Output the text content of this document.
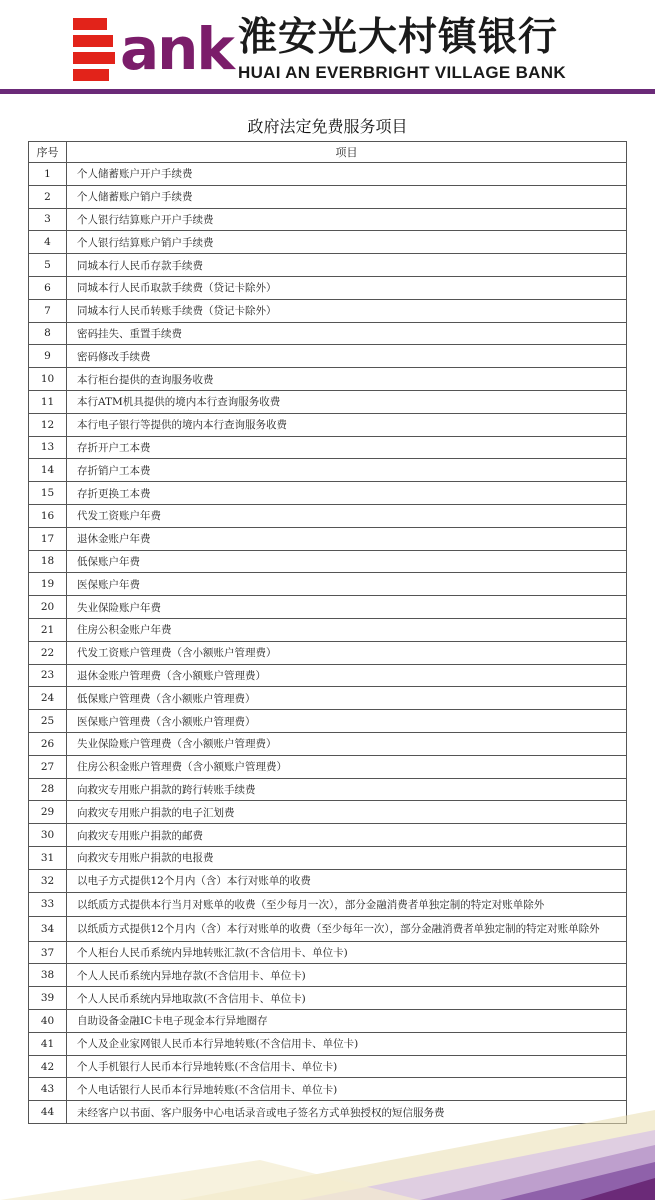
ank 淮安光大村镇银行
HUAI AN EVERBRIGHT VILLAGE BANK
政府法定免费服务项目
序号	项目
1	个人储蓄账户开户手续费
2	个人储蓄账户销户手续费
3	个人银行结算账户开户手续费
4	个人银行结算账户销户手续费
5	同城本行人民币存款手续费
6	同城本行人民币取款手续费（贷记卡除外）
7	同城本行人民币转账手续费（贷记卡除外）
8	密码挂失、重置手续费
9	密码修改手续费
10	本行柜台提供的查询服务收费
11	本行ATM机具提供的境内本行查询服务收费
12	本行电子银行等提供的境内本行查询服务收费
13	存折开户工本费
14	存折销户工本费
15	存折更换工本费
16	代发工资账户年费
17	退休金账户年费
18	低保账户年费
19	医保账户年费
20	失业保险账户年费
21	住房公积金账户年费
22	代发工资账户管理费（含小额账户管理费）
23	退休金账户管理费（含小额账户管理费）
24	低保账户管理费（含小额账户管理费）
25	医保账户管理费（含小额账户管理费）
26	失业保险账户管理费（含小额账户管理费）
27	住房公积金账户管理费（含小额账户管理费）
28	向救灾专用账户捐款的跨行转账手续费
29	向救灾专用账户捐款的电子汇划费
30	向救灾专用账户捐款的邮费
31	向救灾专用账户捐款的电报费
32	以电子方式提供12个月内（含）本行对账单的收费
33	以纸质方式提供本行当月对账单的收费（至少每月一次），部分金融消费者单独定制的特定对账单除外
34	以纸质方式提供12个月内（含）本行对账单的收费（至少每年一次），部分金融消费者单独定制的特定对账单除外
37	个人柜台人民币系统内异地转账汇款(不含信用卡、单位卡)
38	个人人民币系统内异地存款(不含信用卡、单位卡)
39	个人人民币系统内异地取款(不含信用卡、单位卡)
40	自助设备金融IC卡电子现金本行异地圈存
41	个人及企业家网银人民币本行异地转账(不含信用卡、单位卡)
42	个人手机银行人民币本行异地转账(不含信用卡、单位卡)
43	个人电话银行人民币本行异地转账(不含信用卡、单位卡)
44	未经客户以书面、客户服务中心电话录音或电子签名方式单独授权的短信服务费
